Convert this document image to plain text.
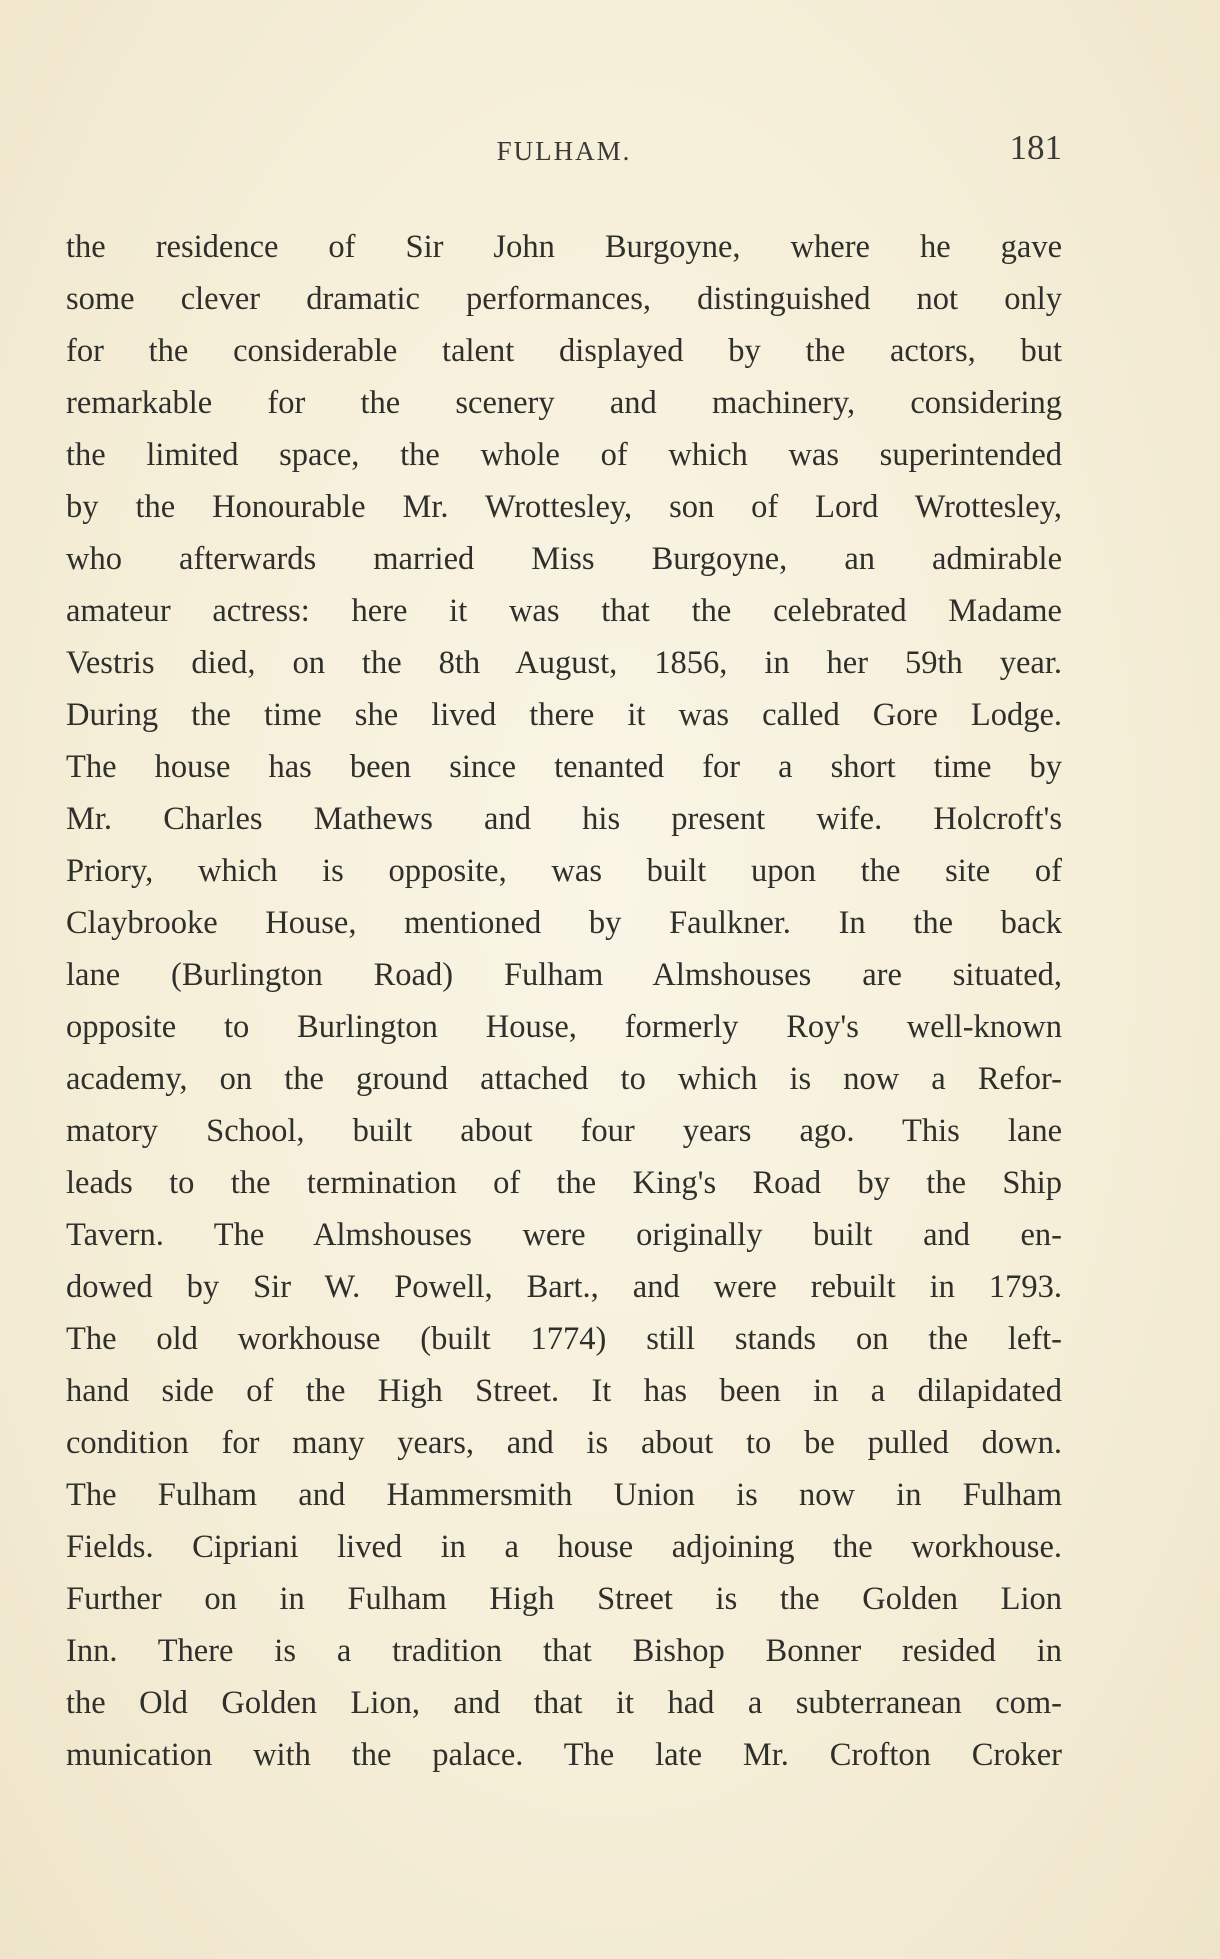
FULHAM.	181
the residence of Sir John Burgoyne, where he gave
some clever dramatic performances, distinguished not only
for the considerable talent displayed by the actors, but
remarkable for the scenery and machinery, considering
the limited space, the whole of which was superintended
by the Honourable Mr. Wrottesley, son of Lord Wrottesley,
who afterwards married Miss Burgoyne, an admirable
amateur actress: here it was that the celebrated Madame
Vestris died, on the 8th August, 1856, in her 59th year.
During the time she lived there it was called Gore Lodge.
The house has been since tenanted for a short time by
Mr. Charles Mathews and his present wife. Holcroft's
Priory, which is opposite, was built upon the site of
Claybrooke House, mentioned by Faulkner. In the back
lane (Burlington Road) Fulham Almshouses are situated,
opposite to Burlington House, formerly Roy's well-known
academy, on the ground attached to which is now a Refor-
matory School, built about four years ago. This lane
leads to the termination of the King's Road by the Ship
Tavern. The Almshouses were originally built and en-
dowed by Sir W. Powell, Bart., and were rebuilt in 1793.
The old workhouse (built 1774) still stands on the left-
hand side of the High Street. It has been in a dilapidated
condition for many years, and is about to be pulled down.
The Fulham and Hammersmith Union is now in Fulham
Fields. Cipriani lived in a house adjoining the workhouse.
Further on in Fulham High Street is the Golden Lion
Inn. There is a tradition that Bishop Bonner resided in
the Old Golden Lion, and that it had a subterranean com-
munication with the palace. The late Mr. Crofton Croker
